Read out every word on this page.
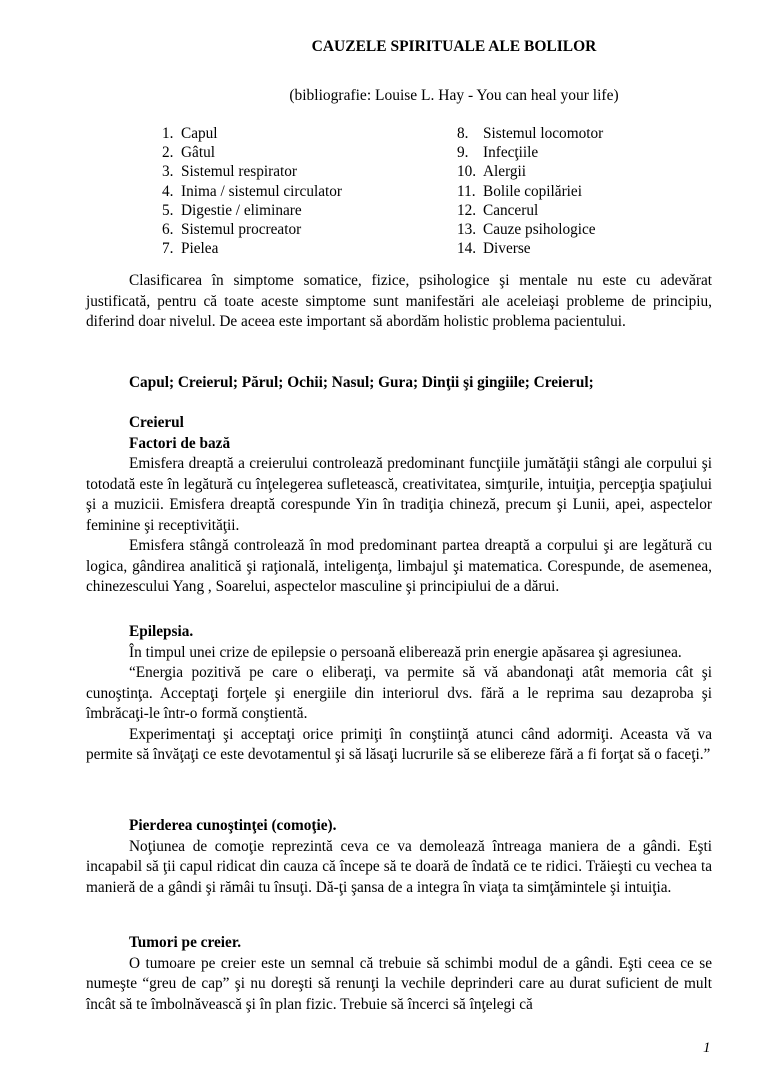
CAUZELE SPIRITUALE ALE BOLILOR
(bibliografie: Louise L. Hay - You can heal your life)
1. Capul
2. Gâtul
3. Sistemul respirator
4. Inima / sistemul circulator
5. Digestie / eliminare
6. Sistemul procreator
7. Pielea
8. Sistemul locomotor
9. Infecţiile
10. Alergii
11. Bolile copilăriei
12. Cancerul
13. Cauze psihologice
14. Diverse

Clasificarea în simptome somatice, fizice, psihologice şi mentale nu este cu adevărat justificată, pentru că toate aceste simptome sunt manifestări ale aceleiaşi probleme de principiu, diferind doar nivelul. De aceea este important să abordăm holistic problema pacientului.

Capul; Creierul; Părul; Ochii; Nasul; Gura; Dinţii şi gingiile; Creierul;

Creierul

Factori de bază

Emisfera dreaptă a creierului controlează predominant funcţiile jumătăţii stângi ale corpului şi totodată este în legătură cu înţelegerea sufletească, creativitatea, simţurile, intuiţia, percepţia spaţiului şi a muzicii. Emisfera dreaptă corespunde Yin în tradiţia chineză, precum şi Lunii, apei, aspectelor feminine şi receptivităţii.

Emisfera stângă controlează în mod predominant partea dreaptă a corpului şi are legătură cu logica, gândirea analitică şi raţională, inteligenţa, limbajul şi matematica. Corespunde, de asemenea, chinezescului Yang , Soarelui, aspectelor masculine şi principiului de a dărui.

Epilepsia.

În timpul unei crize de epilepsie o persoană eliberează prin energie apăsarea şi agresiunea.

“Energia pozitivă pe care o eliberaţi, va permite să vă abandonaţi atât memoria cât şi cunoştinţa. Acceptaţi forţele şi energiile din interiorul dvs. fără a le reprima sau dezaproba şi îmbrăcaţi-le într-o formă conştientă.

Experimentaţi şi acceptaţi orice primiţi în conştiinţă atunci când adormiţi. Aceasta vă va permite să învăţaţi ce este devotamentul şi să lăsaţi lucrurile să se elibereze fără a fi forţat să o faceţi.”

Pierderea cunoştinţei (comoţie).

Noţiunea de comoţie reprezintă ceva ce va demolează întreaga maniera de a gândi. Eşti incapabil să ţii capul ridicat din cauza că începe să te doară de îndată ce te ridici. Trăieşti cu vechea ta manieră de a gândi şi rămâi tu însuţi. Dă-ţi şansa de a integra în viaţa ta simţămintele şi intuiţia.

Tumori pe creier.

O tumoare pe creier este un semnal că trebuie să schimbi modul de a gândi. Eşti ceea ce se numeşte “greu de cap” şi nu doreşti să renunţi la vechile deprinderi care au durat suficient de mult încât să te îmbolnăvească şi în plan fizic. Trebuie să încerci să înţelegi că

1
